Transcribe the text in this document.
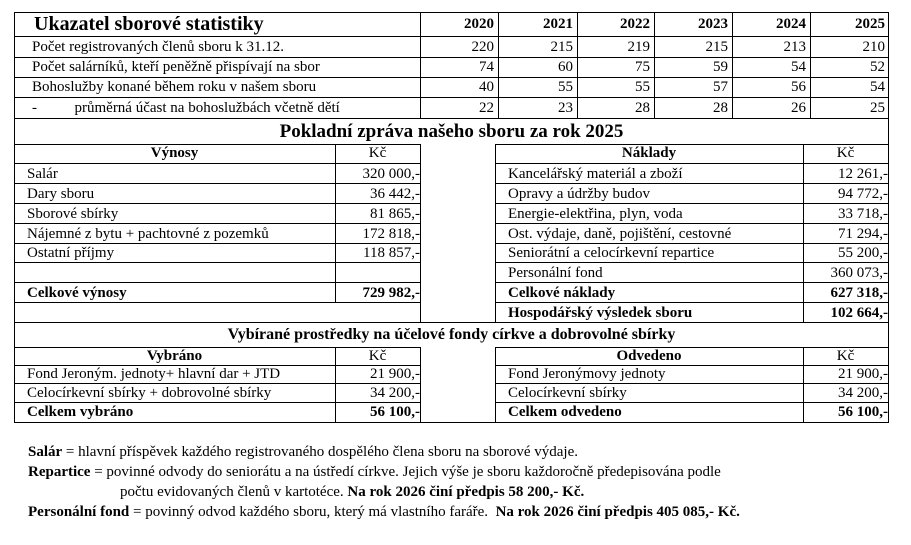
Ukazatel sborové statistiky	2020	2021	2022	2023	2024	2025
Počet registrovaných členů sboru k 31.12.	220	215	219	215	213	210
Počet salárníků, kteří peněžně přispívají na sbor	74	60	75	59	54	52
Bohoslužby konané během roku v našem sboru	40	55	55	57	56	54
-          průměrná účast na bohoslužbách včetně dětí	22	23	28	28	26	25
Pokladní zpráva našeho sboru za rok 2025
Výnosy	Kč
Salár	320 000,-
Dary sboru	36 442,-
Sborové sbírky	81 865,-
Nájemné z bytu + pachtovné z pozemků	172 818,-
Ostatní příjmy	118 857,-
Celkové výnosy	729 982,-
Náklady	Kč
Kancelářský materiál a zboží	12 261,-
Opravy a údržby budov	94 772,-
Energie-elektřina, plyn, voda	33 718,-
Ost. výdaje, daně, pojištění, cestovné	71 294,-
Seniorátní a celocírkevní repartice	55 200,-
Personální fond	360 073,-
Celkové náklady	627 318,-
Hospodářský výsledek sboru	102 664,-
Vybírané prostředky na účelové fondy církve a dobrovolné sbírky
Vybráno	Kč
Fond Jeroným. jednoty+ hlavní dar + JTD	21 900,-
Celocírkevní sbírky + dobrovolné sbírky	34 200,-
Celkem vybráno	56 100,-
Odvedeno	Kč
Fond Jeronýmovy jednoty	21 900,-
Celocírkevní sbírky	34 200,-
Celkem odvedeno	56 100,-
Salár = hlavní příspěvek každého registrovaného dospělého člena sboru na sborové výdaje.
Repartice = povinné odvody do seniorátu a na ústředí církve. Jejich výše je sboru každoročně předepisována podle
počtu evidovaných členů v kartotéce. Na rok 2026 činí předpis 58 200,- Kč.
Personální fond = povinný odvod každého sboru, který má vlastního faráře.  Na rok 2026 činí předpis 405 085,- Kč.
